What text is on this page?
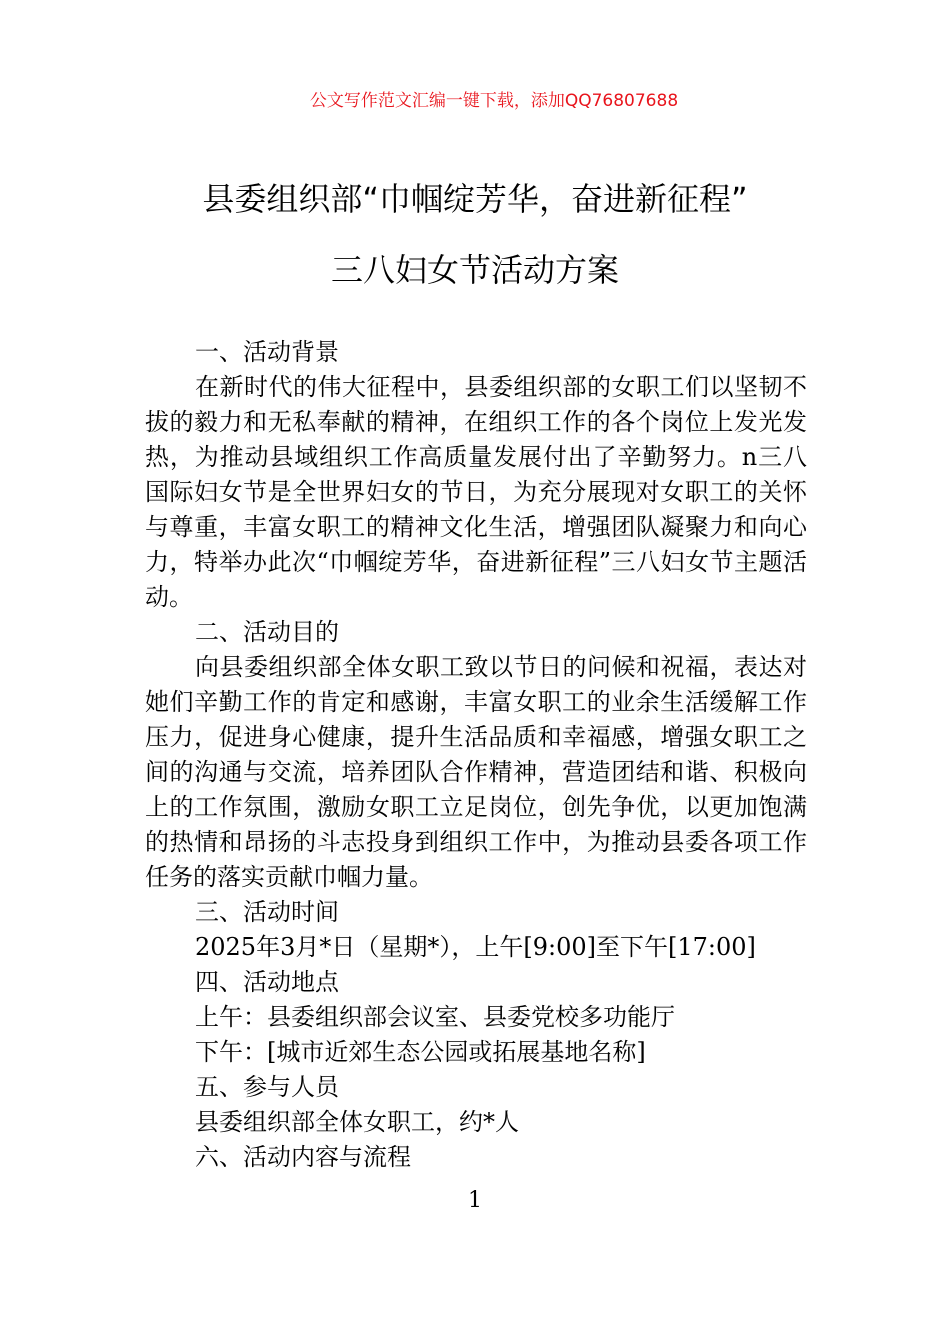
公文写作范文汇编一键下载，添加QQ76807688
县委组织部“巾帼绽芳华，奋进新征程”
三八妇女节活动方案
一、活动背景
在新时代的伟大征程中，县委组织部的女职工们以坚韧不拔的毅力和无私奉献的精神，在组织工作的各个岗位上发光发热，为推动县域组织工作高质量发展付出了辛勤努力。n三八国际妇女节是全世界妇女的节日，为充分展现对女职工的关怀与尊重，丰富女职工的精神文化生活，增强团队凝聚力和向心力，特举办此次“巾帼绽芳华，奋进新征程”三八妇女节主题活动。
二、活动目的
向县委组织部全体女职工致以节日的问候和祝福，表达对她们辛勤工作的肯定和感谢，丰富女职工的业余生活缓解工作压力，促进身心健康，提升生活品质和幸福感，增强女职工之间的沟通与交流，培养团队合作精神，营造团结和谐、积极向上的工作氛围，激励女职工立足岗位，创先争优，以更加饱满的热情和昂扬的斗志投身到组织工作中，为推动县委各项工作任务的落实贡献巾帼力量。
三、活动时间
2025年3月*日（星期*），上午[9:00]至下午[17:00]
四、活动地点
上午：县委组织部会议室、县委党校多功能厅
下午：[城市近郊生态公园或拓展基地名称]
五、参与人员
县委组织部全体女职工，约*人
六、活动内容与流程
1
